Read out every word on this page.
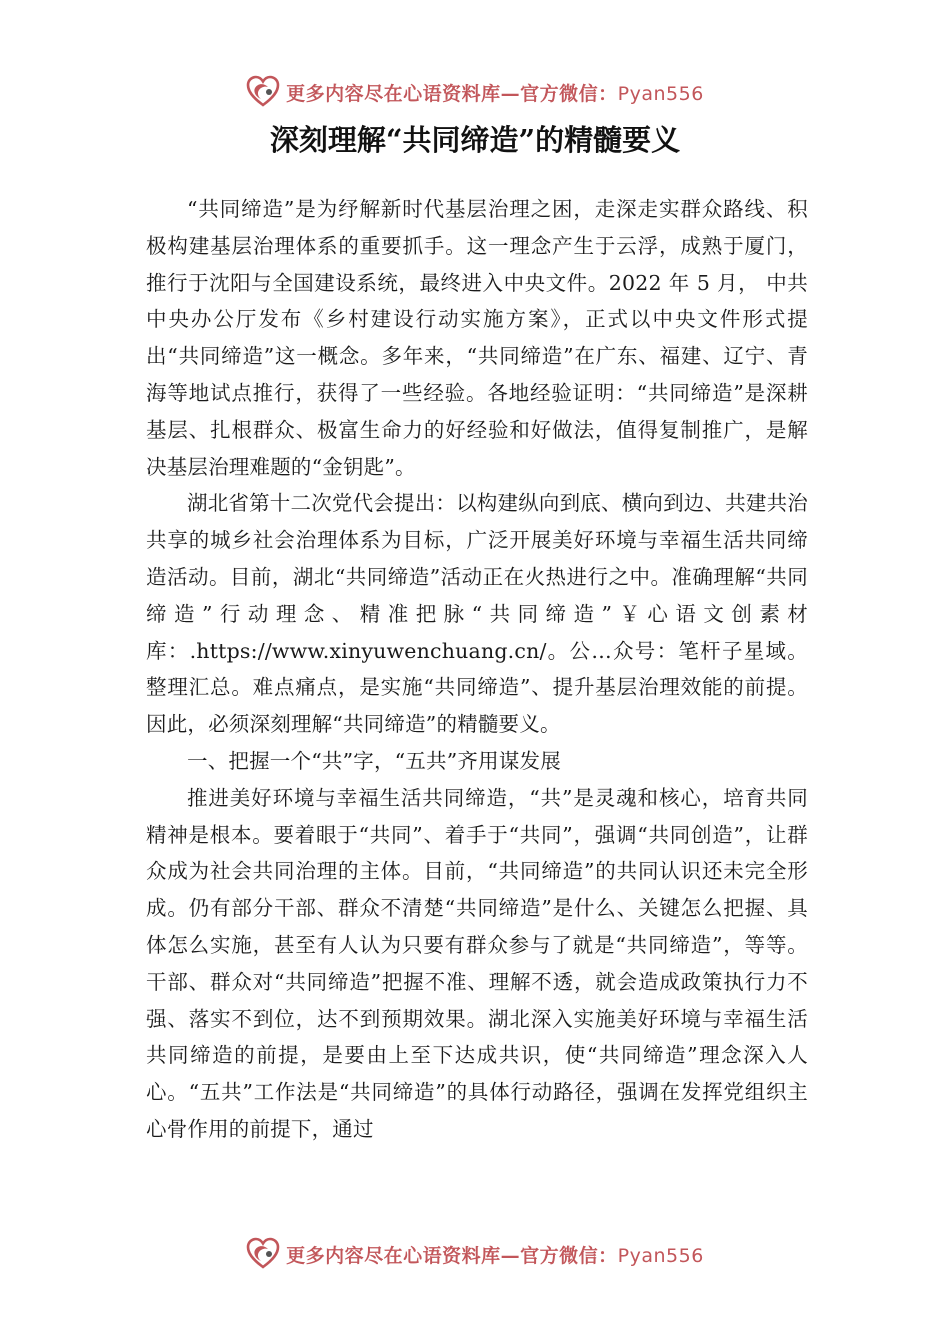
更多内容尽在心语资料库—官方微信：Pyan556
深刻理解“共同缔造”的精髓要义

“共同缔造”是为纾解新时代基层治理之困，走深走实群众路线、积极构建基层治理体系的重要抓手。这一理念产生于云浮，成熟于厦门，推行于沈阳与全国建设系统，最终进入中央文件。2022 年 5 月， 中共中央办公厅发布《乡村建设行动实施方案》，正式以中央文件形式提出“共同缔造”这一概念。多年来，“共同缔造”在广东、福建、辽宁、青海等地试点推行，获得了一些经验。各地经验证明：“共同缔造”是深耕基层、扎根群众、极富生命力的好经验和好做法，值得复制推广，是解决基层治理难题的“金钥匙”。

湖北省第十二次党代会提出：以构建纵向到底、横向到边、共建共治共享的城乡社会治理体系为目标，广泛开展美好环境与幸福生活共同缔造活动。目前，湖北“共同缔造”活动正在火热进行之中。准确理解“共同缔造”行动理念、精准把脉“共同缔造”￥心语文创素材库：.https://www.xinyuwenchuang.cn/。公…众号：笔杆子星域。整理汇总。难点痛点，是实施“共同缔造”、提升基层治理效能的前提。因此，必须深刻理解“共同缔造”的精髓要义。

一、把握一个“共”字，“五共”齐用谋发展

推进美好环境与幸福生活共同缔造，“共”是灵魂和核心，培育共同精神是根本。要着眼于“共同”、着手于“共同”，强调“共同创造”，让群众成为社会共同治理的主体。目前，“共同缔造”的共同认识还未完全形成。仍有部分干部、群众不清楚“共同缔造”是什么、关键怎么把握、具体怎么实施，甚至有人认为只要有群众参与了就是“共同缔造”，等等。干部、群众对“共同缔造”把握不准、理解不透，就会造成政策执行力不强、落实不到位，达不到预期效果。湖北深入实施美好环境与幸福生活共同缔造的前提，是要由上至下达成共识，使“共同缔造”理念深入人心。“五共”工作法是“共同缔造”的具体行动路径，强调在发挥党组织主心骨作用的前提下，通过

更多内容尽在心语资料库—官方微信：Pyan556
